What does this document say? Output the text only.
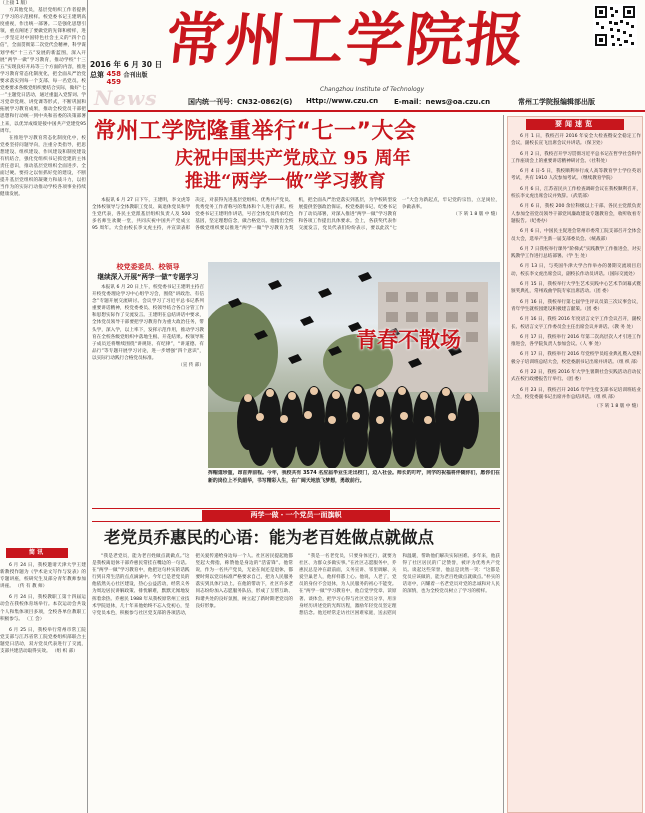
2016 年 6 月 30 日
总第 458
459 合刊出版
News
常州工学院报
Changzhou Institute of Technology
国内统一刊号：CN32-0862(G) Http://www.czu.cn E-mail：news@oa.czu.cn	常州工学院报编辑部出版
（上接 1 版）

方其他党员，基层党组织工作者提供了学习的示范榜样。校党委书记王建明高度重视，作出统一部署。二是强化思想引领，重点阐述了要做党的先锋和榜样，进一步坚定对中国特色社会主义的“四个自信”，全面贯彻第二次党代会精神，科学谋划学校“十三五”发展的新蓝图，深入开展“两学一做”学习教育，推动学校“十三五”实现良好开局等三个方面的内容，推进学习教育常态化制度化，把全面从严治党要求落实到每一个支部、每一名党员。校党委要求各级党组织要结合实际，做好“七一”主题党日活动，通过重温入党誓词、学习党章党规、讲党课等形式，不断巩固和拓展学习教育成果，推动全校党员干部把思想和行动统一到中央和省委的决策部署上来，以优异成绩迎接中国共产党建党95周年。

在推进学习教育常态化制度化中，校党委坚持问题导向，注重分类指导，把思想建设、组织建设、作风建设和制度建设有机结合，强化党组织书记抓党建的主体责任意识，推动基层党组织全面进步、全面过硬。要持之以恒抓好党的建设，不断提升基层党组织的凝聚力和战斗力，以担当作为的实际行动推动学校各项事业持续健康发展。

简讯

6 月 24 日，我校邀请天津大学王建新教授作题为《学术论文写作与发表》的专题讲座，校研究生及部分青年教师参加讲座。 （传 有 教 师）

6 月 24 日，我校教职工第十四届运动会在我校体育场举行。本次运动会共设个人和集体项目多项，全校各单位教职工积极参与。 （工 会）

6 月 25 日，我校举行常州市常工院党支部与江苏省常工院党委组织部联合主题党日活动，双方党员代表进行了交流，支部共建活动取得实效。 （组 织 部）

常州工学院隆重举行“七一”大会
庆祝中国共产党成立 95 周年
推进“两学一做”学习教育

本报讯 6 月 27 日下午，王建明，李文虎等全体校领导与全体教职工党员、离退休党员和学生党代表，各民主党派基层组织负责人及 500 多名师生欢聚一堂，共同庆祝中国共产党成立 95 周年。大会由校长李文虎主持，并宣读表彰决定，对获得先进基层党组织、优秀共产党员、优秀党务工作者称号的集体和个人进行表彰。校党委书记王建明作讲话，号召全体党员传承红色基因，坚定理想信念，做合格党员。他指出全校各级党组织要以推进“两学一做”学习教育为契机，把全面从严治党落实到基层，为学校转型发展提供坚强政治保证。校党委副书记、纪委书记作了动员部署，对深入推进“两学一做”学习教育和各项工作提出具体要求。会上，各获奖代表作交流发言，党员代表们纷纷表示，要以此次“七一”大会为新起点，牢记党的宗旨，立足岗位，争做表率。

（下 转 1 8 版 中 缝）
校党委委员、校领导
继续深入开展“两学一做”专题学习

本报讯 6 月 20 日上午，校党委书记王建明主持召开校党委理论学习中心组学习会，围绕“讲政治、有信念”专题开展交流研讨。会议学习了习近平总书记系列重要讲话精神，校党委委员、校领导结合各自分管工作和思想实际作了交流发言。王建明在总结讲话中要求，全体党员领导干部要把学习教育作为重大政治任务，带头学，深入学，以上率下，发挥示范作用，推动学习教育在全校各级党组织中落地生根、开花结果。校领导班子成员还将继续围绕“讲规矩、有纪律”，“讲道德、有品行”等专题开展学习讨论，进一步增强“四个意识”，以实际行动践行合格党员标准。

（宣 传 部）
青春不散场
挥帽道珍重，昂首奔前程。今年，我校共有 3574 名应届毕业生走出校门，迈入社会。师长的叮咛，同学的祝福将伴随你们，愿你们在新的岗位上不负韶华，书写精彩人生，在广阔天地放飞梦想，勇敢前行。
两学一做・一个党员一面旗帜
老党员乔惠民的心语：能为老百姓做点就做点

“我是老党员，能为老百姓做点就做点。”这是我校离退休干部乔惠民常挂在嘴边的一句话。在“两学一做”学习教育中，他把这句朴实的话践行到日常生活的点点滴滴中。今年已是老党员的他依然关心社区建设，热心公益活动，经常义务为周边居民讲解政策、排忧解难，默默无闻地发挥着余热。乔惠民 1988 年从我校原常州工业技术学院退休，几十年来他始终不忘入党初心，坚守党员本色，积极参与社区党支部的各项活动，把关爱传递给身边每一个人。社区居民提起他都竖起大拇指，称赞他是身边的“活雷锋”。他常说，作为一名共产党员，无论在岗还是退休，都要时刻以党员标准严格要求自己，把为人民服务落实到具体行动上。在他的带动下，社区许多老同志纷纷加入志愿服务队伍，形成了互帮互助、和谐共处的良好氛围，树立起了新时期老党员的良好形象。

“我是一名老党员，只要身体还行，就要为社区、为群众多做实事。”在社区志愿服务中，乔惠民总是冲在最前面，义务宣讲、邻里调解、关爱空巢老人，他样样都上心。他说，人老了，党员的身份不会退休，为人民服务的初心不能变。在“两学一做”学习教育中，他自觉学党章、读原著、谈体会，把学习心得与社区党员分享，用亲身经历讲述党的光辉历程，激励年轻党员坚定理想信念。他还经常走访社区困难家庭，送去慰问和温暖，帮助他们解决实际困难。多年来，他获得了社区居民的广泛赞誉，被评为优秀共产党员。谈起这些荣誉，他总是淡然一笑：“这都是党员应该做的，能为老百姓做点就做点。”朴实的话语中，闪耀着一名老党员对党的忠诚和对人民的深情，也为全校党员树立了学习的榜样。

要闻速览

6 月 1 日，我校召开 2016 年安全大检查暨安全稳定工作会议，副校长宣飞出席会议并讲话。（保卫处）

6 月 2 日，我校召开学习贯彻习近平总书记在哲学社会科学工作座谈会上的重要讲话精神研讨会。（社科处）

6 月 4 日-5 日，我校顺利举行成人高等教育学士学位英语考试，共有 1910 人次参加考试。（继续教育学院）

6 月 6 日，江苏省民兵工作检查调研会议在我校顺利召开，校长李文虎出席会议并致辞。（武装部）

6 月 6 日，我校 200 余位科级以上干部、各民主党派负责人参加全省党员领导干部党风廉政建设专题教育会，收听收看专题报告。（纪委办）

6 月 6 日，中国民主促进会常州市委常工院支部召开全体会员大会，选举产生新一届支部委员会。（统战部）

6 月 7 日我校举行课外“阶梯式”实践教学工作推进会，对实践教学工作进行总结部署。（学 生 处）

6 月 13 日，与英国牛津大学合作举办的暑期交流项目启动，校长李文虎出席会议，副校长作动员讲话。（国际交流处）

6 月 15 日，我校举行大学生艺术实践中心艺术节闭幕式暨颁奖典礼，常州戏曲学院专家出席活动。（团 委）

6 月 16 日，我校举行第七届学生评议员第三次议事会议，青年学生就校园建设积极建言献策。（团 委）

6 月 16 日，我校 2016 年度语言文字工作会议召开，副校长、校语言文字工作委员会主任出席会议并讲话。（教 务 处）

6 月 17 日，我校举行 2016 年第二次高层次人才引进工作推进会，各学院负责人参加会议。（人 事 处）

6 月 17 日，我校举行 2016 年党校学员结业典礼暨入党积极分子培训班总结大会，校党委副书记出席并讲话。（组 织 部）

6 月 22 日，我校 2016 年大学生暑期社会实践活动启动仪式在校行政楼报告厅举行。（团 委）

6 月 23 日，我校召开 2016 年学生党支部书记培训班结业大会，校党委副书记出席并作总结讲话。（组 织 部）

（下 转 1 8 版 中 缝）
